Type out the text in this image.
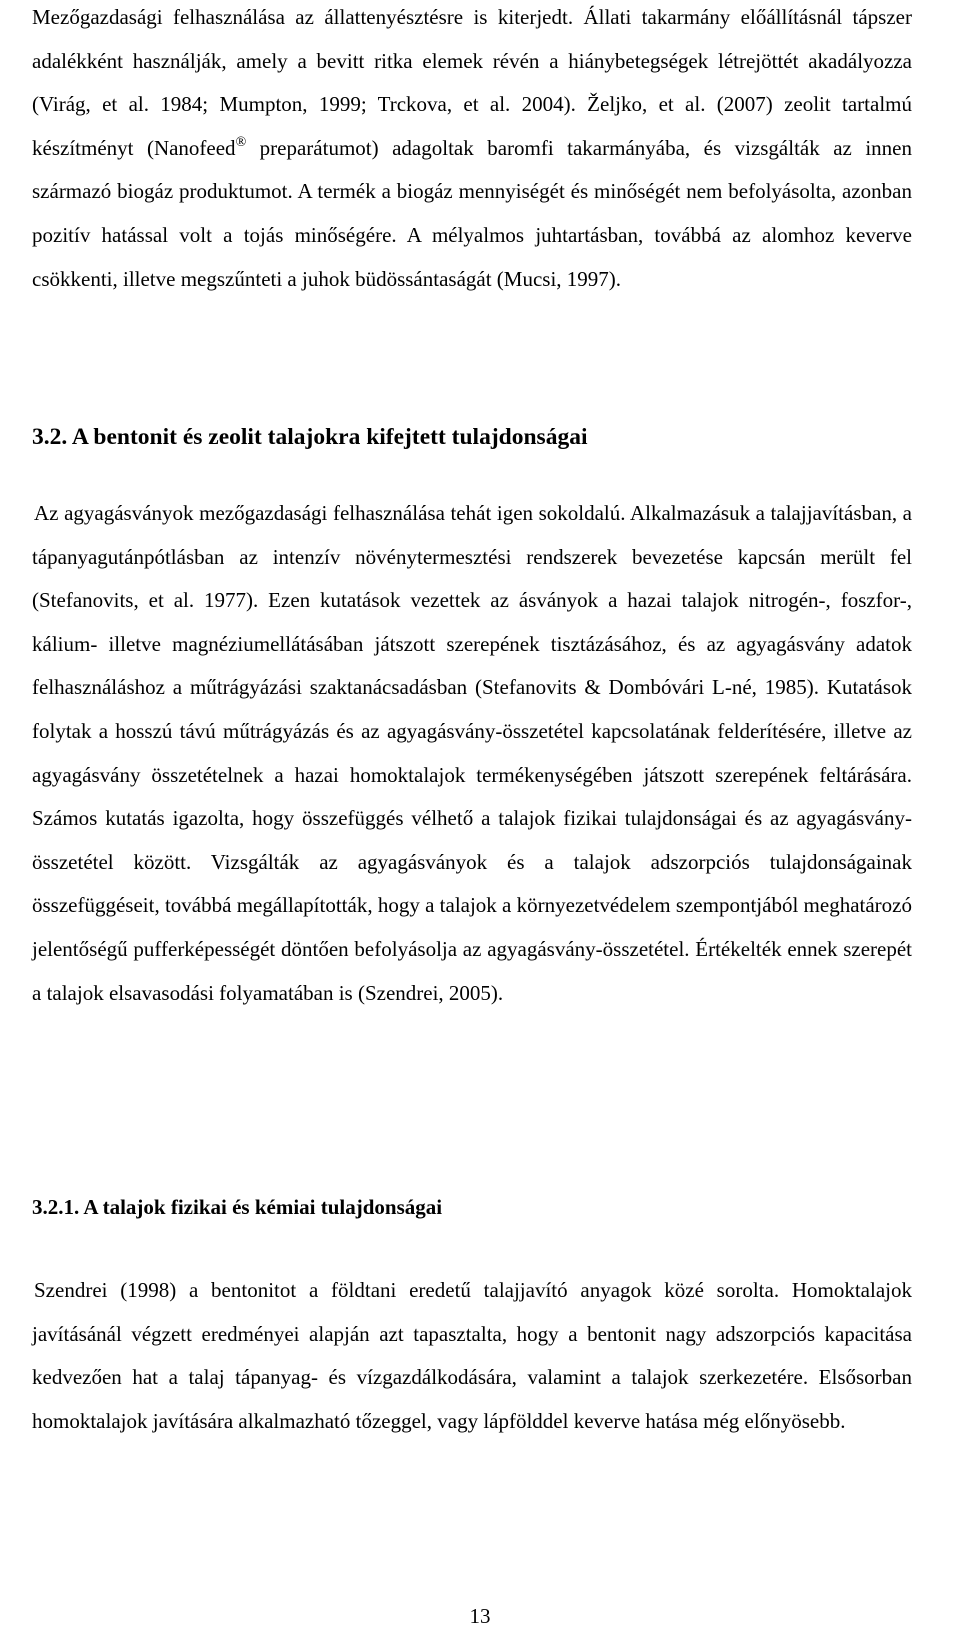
Mezőgazdasági felhasználása az állattenyésztésre is kiterjedt. Állati takarmány előállításnál tápszer adalékként használják, amely a bevitt ritka elemek révén a hiánybetegségek létrejöttét akadályozza (Virág, et al. 1984; Mumpton, 1999; Trckova, et al. 2004). Željko, et al. (2007) zeolit tartalmú készítményt (Nanofeed® preparátumot) adagoltak baromfi takarmányába, és vizsgálták az innen származó biogáz produktumot. A termék a biogáz mennyiségét és minőségét nem befolyásolta, azonban pozitív hatással volt a tojás minőségére. A mélyalmos juhtartásban, továbbá az alomhoz keverve csökkenti, illetve megszűnteti a juhok büdössántaságát (Mucsi, 1997).

3.2. A bentonit és zeolit talajokra kifejtett tulajdonságai

Az agyagásványok mezőgazdasági felhasználása tehát igen sokoldalú. Alkalmazásuk a talajjavításban, a tápanyagutánpótlásban az intenzív növénytermesztési rendszerek bevezetése kapcsán merült fel (Stefanovits, et al. 1977). Ezen kutatások vezettek az ásványok a hazai talajok nitrogén-, foszfor-, kálium- illetve magnéziumellátásában játszott szerepének tisztázásához, és az agyagásvány adatok felhasználáshoz a műtrágyázási szaktanácsadásban (Stefanovits & Dombóvári L-né, 1985). Kutatások folytak a hosszú távú műtrágyázás és az agyagásvány-összetétel kapcsolatának felderítésére, illetve az agyagásvány összetételnek a hazai homoktalajok termékenységében játszott szerepének feltárására. Számos kutatás igazolta, hogy összefüggés vélhető a talajok fizikai tulajdonságai és az agyagásvány-összetétel között. Vizsgálták az agyagásványok és a talajok adszorpciós tulajdonságainak összefüggéseit, továbbá megállapították, hogy a talajok a környezetvédelem szempontjából meghatározó jelentőségű pufferképességét döntően befolyásolja az agyagásvány-összetétel. Értékelték ennek szerepét a talajok elsavasodási folyamatában is (Szendrei, 2005).

3.2.1. A talajok fizikai és kémiai tulajdonságai

Szendrei (1998) a bentonitot a földtani eredetű talajjavító anyagok közé sorolta. Homoktalajok javításánál végzett eredményei alapján azt tapasztalta, hogy a bentonit nagy adszorpciós kapacitása kedvezően hat a talaj tápanyag- és vízgazdálkodására, valamint a talajok szerkezetére. Elsősorban homoktalajok javítására alkalmazható tőzeggel, vagy lápfölddel keverve hatása még előnyösebb.

13
